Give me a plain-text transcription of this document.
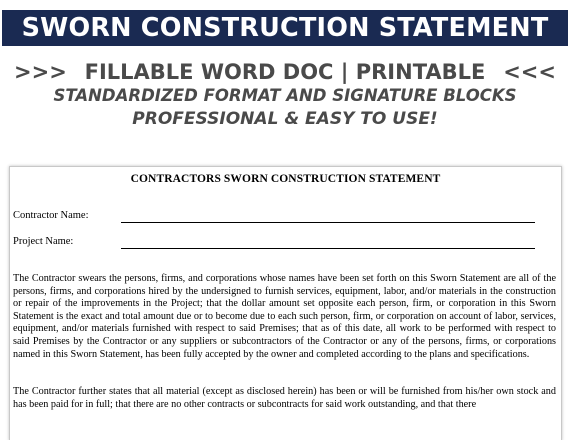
SWORN CONSTRUCTION STATEMENT
>>> FILLABLE WORD DOC | PRINTABLE <<<
STANDARDIZED FORMAT AND SIGNATURE BLOCKS
PROFESSIONAL & EASY TO USE!
CONTRACTORS SWORN CONSTRUCTION STATEMENT
Contractor Name:
Project Name:

The Contractor swears the persons, firms, and corporations whose names have been set forth on this Sworn Statement are all of the persons, firms, and corporations hired by the undersigned to furnish services, equipment, labor, and/or materials in the construction or repair of the improvements in the Project; that the dollar amount set opposite each person, firm, or corporation in this Sworn Statement is the exact and total amount due or to become due to each such person, firm, or corporation on account of labor, services, equipment, and/or materials furnished with respect to said Premises; that as of this date, all work to be performed with respect to said Premises by the Contractor or any suppliers or subcontractors of the Contractor or any of the persons, firms, or corporations named in this Sworn Statement, has been fully accepted by the owner and completed according to the plans and specifications.

The Contractor further states that all material (except as disclosed herein) has been or will be furnished from his/her own stock and has been paid for in full; that there are no other contracts or subcontracts for said work outstanding, and that there
